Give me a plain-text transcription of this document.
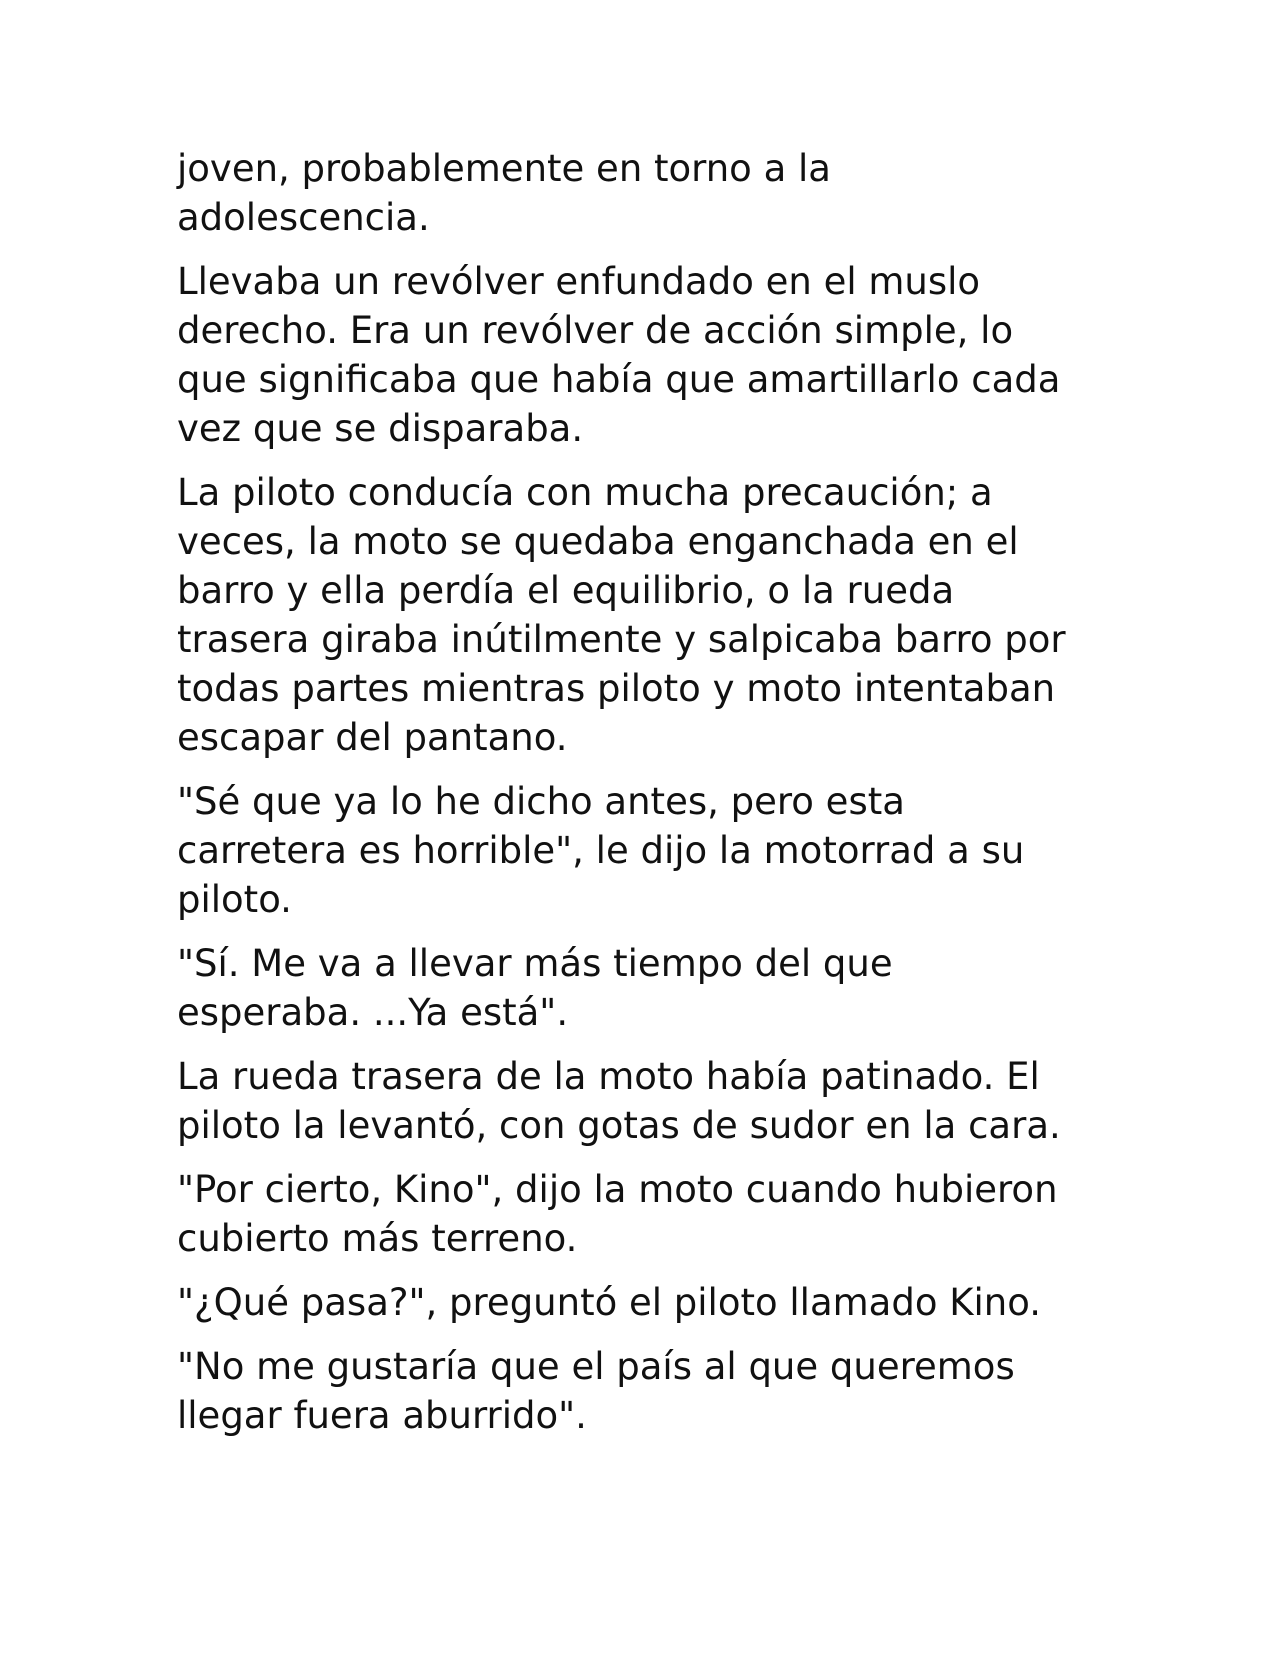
joven, probablemente en torno a la
adolescencia.

Llevaba un revólver enfundado en el muslo
derecho. Era un revólver de acción simple, lo
que significaba que había que amartillarlo cada
vez que se disparaba.

La piloto conducía con mucha precaución; a
veces, la moto se quedaba enganchada en el
barro y ella perdía el equilibrio, o la rueda
trasera giraba inútilmente y salpicaba barro por
todas partes mientras piloto y moto intentaban
escapar del pantano.

"Sé que ya lo he dicho antes, pero esta
carretera es horrible", le dijo la motorrad a su
piloto.

"Sí. Me va a llevar más tiempo del que
esperaba. ...Ya está".

La rueda trasera de la moto había patinado. El
piloto la levantó, con gotas de sudor en la cara.

"Por cierto, Kino", dijo la moto cuando hubieron
cubierto más terreno.

"¿Qué pasa?", preguntó el piloto llamado Kino.

"No me gustaría que el país al que queremos
llegar fuera aburrido".
